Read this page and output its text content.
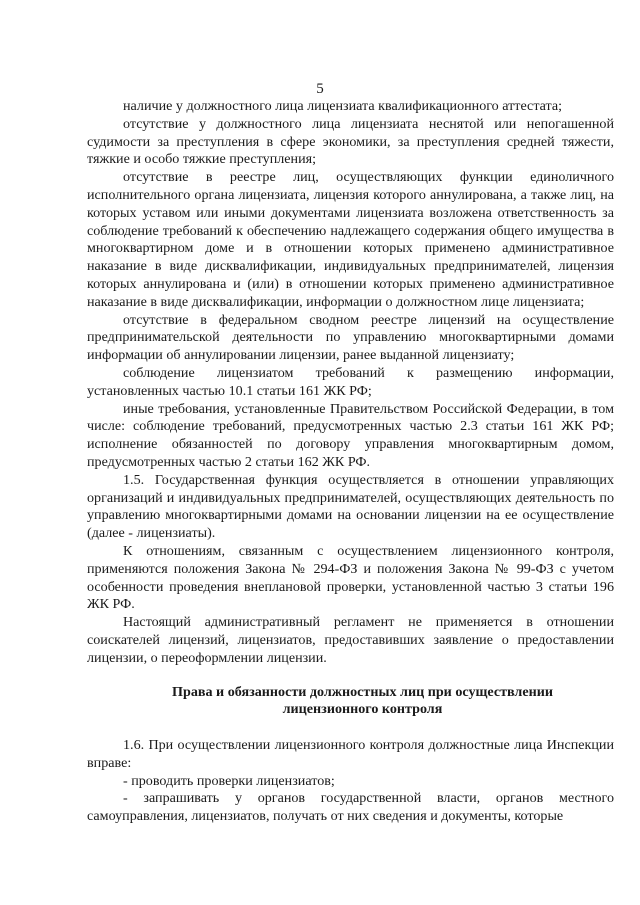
5

наличие у должностного лица лицензиата квалификационного аттестата;

отсутствие у должностного лица лицензиата неснятой или непогашенной судимости за преступления в сфере экономики, за преступления средней тяжести, тяжкие и особо тяжкие преступления;

отсутствие в реестре лиц, осуществляющих функции единоличного исполнительного органа лицензиата, лицензия которого аннулирована, а также лиц, на которых уставом или иными документами лицензиата возложена ответственность за соблюдение требований к обеспечению надлежащего содержания общего имущества в многоквартирном доме и в отношении которых применено административное наказание в виде дисквалификации, индивидуальных предпринимателей, лицензия которых аннулирована и (или) в отношении которых применено административное наказание в виде дисквалификации, информации о должностном лице лицензиата;

отсутствие в федеральном сводном реестре лицензий на осуществление предпринимательской деятельности по управлению многоквартирными домами информации об аннулировании лицензии, ранее выданной лицензиату;

соблюдение лицензиатом требований к размещению информации, установленных частью 10.1 статьи 161 ЖК РФ;

иные требования, установленные Правительством Российской Федерации, в том числе: соблюдение требований, предусмотренных частью 2.3 статьи 161 ЖК РФ; исполнение обязанностей по договору управления многоквартирным домом, предусмотренных частью 2 статьи 162 ЖК РФ.

1.5. Государственная функция осуществляется в отношении управляющих организаций и индивидуальных предпринимателей, осуществляющих деятельность по управлению многоквартирными домами на основании лицензии на ее осуществление (далее - лицензиаты).

К отношениям, связанным с осуществлением лицензионного контроля, применяются положения Закона № 294-ФЗ и положения Закона № 99-ФЗ с учетом особенности проведения внеплановой проверки, установленной частью 3 статьи 196 ЖК РФ.

Настоящий административный регламент не применяется в отношении соискателей лицензий, лицензиатов, предоставивших заявление о предоставлении лицензии, о переоформлении лицензии.

Права и обязанности должностных лиц при осуществлении
лицензионного контроля

1.6. При осуществлении лицензионного контроля должностные лица Инспекции вправе:

- проводить проверки лицензиатов;

- запрашивать у органов государственной власти, органов местного самоуправления, лицензиатов, получать от них сведения и документы, которые
